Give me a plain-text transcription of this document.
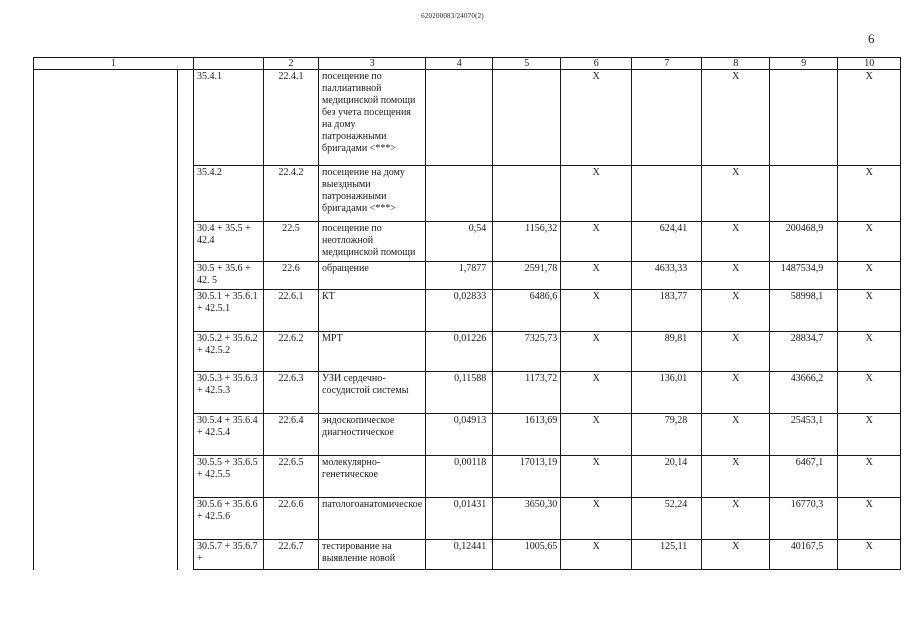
620200083/24070(2)
6
1			2	3	4	5	6	7	8	9	10
		35.4.1	22.4.1	посещение по паллиативной медицинской помощи без учета посещения на дому патронажными бригадами <***>			X		X		X
		35.4.2	22.4.2	посещение на дому выездными патронажными бригадами <***>			X		X		X
		30.4 + 35.5 + 42.4	22.5	посещение по неотложной медицинской помощи	0,54	1156,32	X	624,41	X	200468,9	X
		30.5 + 35.6 + 42. 5	22.6	обращение	1,7877	2591,78	X	4633,33	X	1487534,9	X
		30.5.1 + 35.6.1 + 42.5.1	22.6.1	КТ	0,02833	6486,6	X	183,77	X	58998,1	X
		30.5.2 + 35.6.2 + 42.5.2	22.6.2	МРТ	0,01226	7325,73	X	89,81	X	28834,7	X
		30.5.3 + 35.6.3 + 42.5.3	22.6.3	УЗИ сердечно-сосудистой системы	0,11588	1173,72	X	136,01	X	43666,2	X
		30.5.4 + 35.6.4 + 42.5.4	22.6.4	эндоскопическое диагностическое	0,04913	1613,69	X	79,28	X	25453,1	X
		30.5.5 + 35.6.5 + 42.5.5	22.6.5	молекулярно-генетическое	0,00118	17013,19	X	20,14	X	6467,1	X
		30.5.6 + 35.6.6 + 42.5.6	22.6.6	патологоанатомическое	0,01431	3650,30	X	52,24	X	16770,3	X
		30.5.7 + 35.6.7 +	22.6.7	тестирование на выявление новой	0,12441	1005,65	X	125,11	X	40167,5	X
